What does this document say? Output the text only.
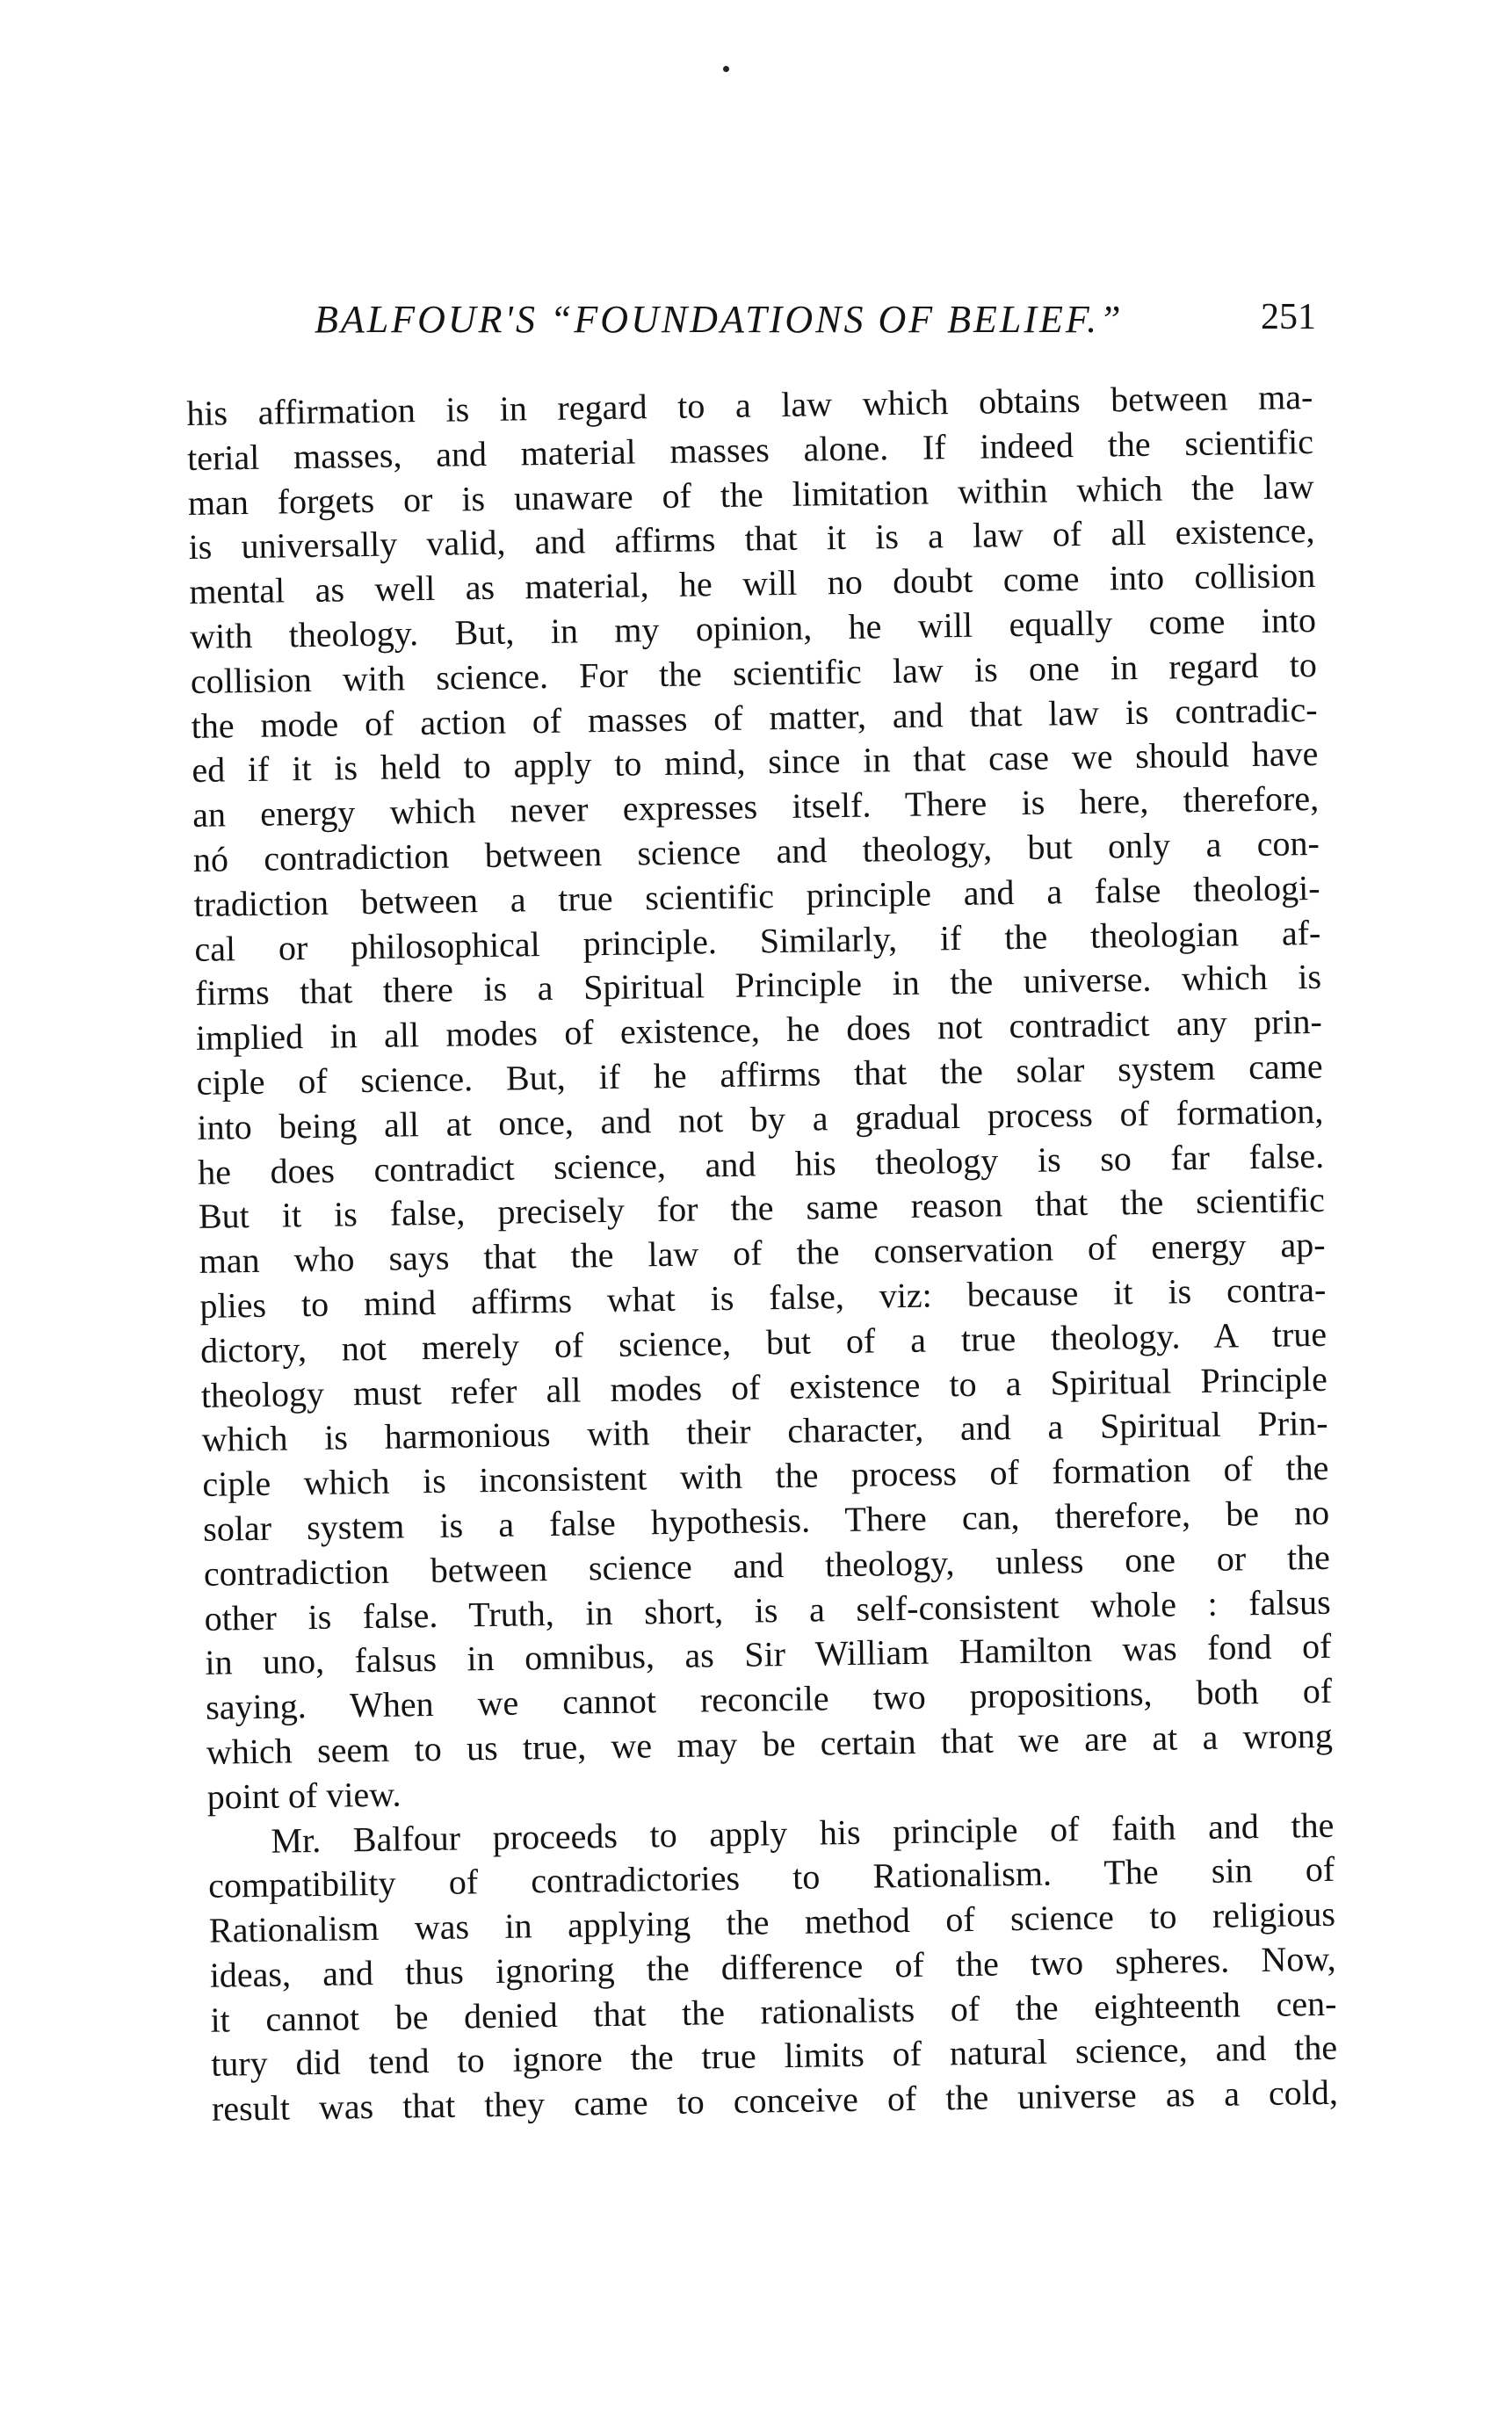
BALFOUR'S “FOUNDATIONS OF BELIEF.”	251
his affirmation is in regard to a law which obtains between ma-
terial masses, and material masses alone. If indeed the scientific
man forgets or is unaware of the limitation within which the law
is universally valid, and affirms that it is a law of all existence,
mental as well as material, he will no doubt come into collision
with theology. But, in my opinion, he will equally come into
collision with science. For the scientific law is one in regard to
the mode of action of masses of matter, and that law is contradic-
ed if it is held to apply to mind, since in that case we should have
an energy which never expresses itself. There is here, therefore,
nó contradiction between science and theology, but only a con-
tradiction between a true scientific principle and a false theologi-
cal or philosophical principle. Similarly, if the theologian af-
firms that there is a Spiritual Principle in the universe. which is
implied in all modes of existence, he does not contradict any prin-
ciple of science. But, if he affirms that the solar system came
into being all at once, and not by a gradual process of formation,
he does contradict science, and his theology is so far false.
But it is false, precisely for the same reason that the scientific
man who says that the law of the conservation of energy ap-
plies to mind affirms what is false, viz: because it is contra-
dictory, not merely of science, but of a true theology. A true
theology must refer all modes of existence to a Spiritual Principle
which is harmonious with their character, and a Spiritual Prin-
ciple which is inconsistent with the process of formation of the
solar system is a false hypothesis. There can, therefore, be no
contradiction between science and theology, unless one or the
other is false. Truth, in short, is a self-consistent whole : falsus
in uno, falsus in omnibus, as Sir William Hamilton was fond of
saying. When we cannot reconcile two propositions, both of
which seem to us true, we may be certain that we are at a wrong
point of view.
Mr. Balfour proceeds to apply his principle of faith and the
compatibility of contradictories to Rationalism. The sin of
Rationalism was in applying the method of science to religious
ideas, and thus ignoring the difference of the two spheres. Now,
it cannot be denied that the rationalists of the eighteenth cen-
tury did tend to ignore the true limits of natural science, and the
result was that they came to conceive of the universe as a cold,
